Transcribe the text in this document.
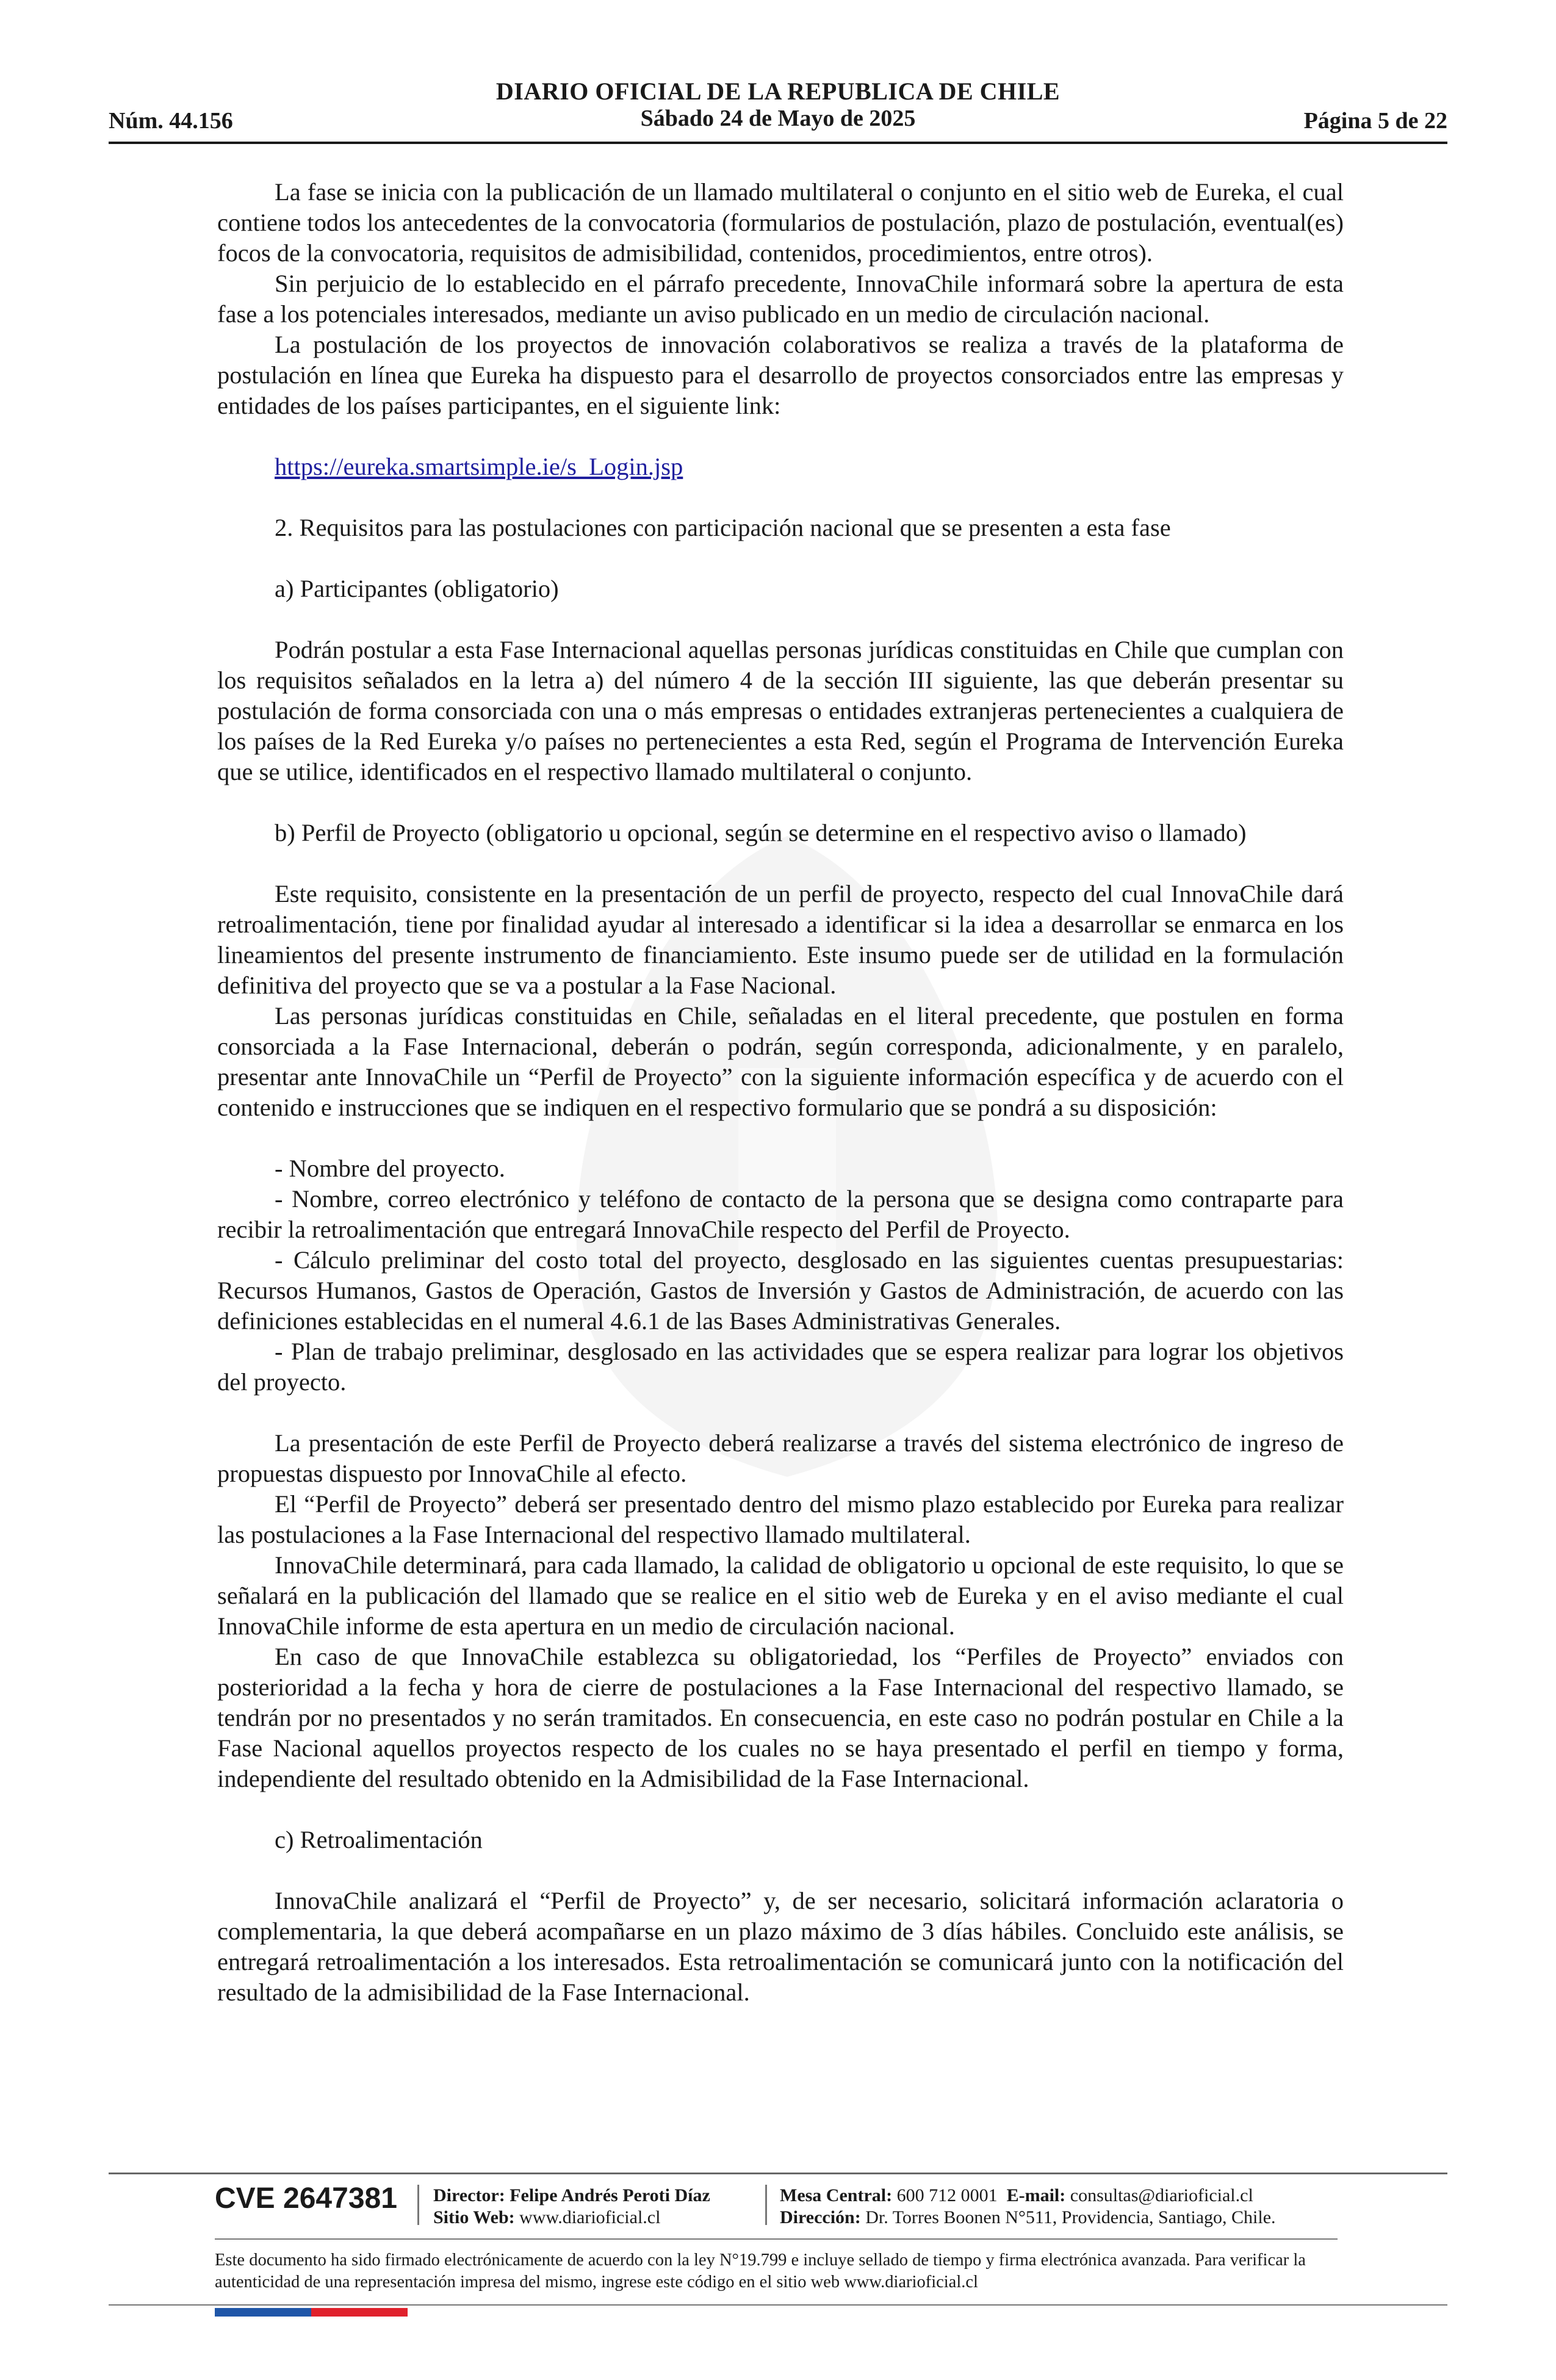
DIARIO OFICIAL DE LA REPUBLICA DE CHILE
Núm. 44.156	Sábado 24 de Mayo de 2025	Página 5 de 22

La fase se inicia con la publicación de un llamado multilateral o conjunto en el sitio web de Eureka, el cual contiene todos los antecedentes de la convocatoria (formularios de postulación, plazo de postulación, eventual(es) focos de la convocatoria, requisitos de admisibilidad, contenidos, procedimientos, entre otros).

Sin perjuicio de lo establecido en el párrafo precedente, InnovaChile informará sobre la apertura de esta fase a los potenciales interesados, mediante un aviso publicado en un medio de circulación nacional.

La postulación de los proyectos de innovación colaborativos se realiza a través de la plataforma de postulación en línea que Eureka ha dispuesto para el desarrollo de proyectos consorciados entre las empresas y entidades de los países participantes, en el siguiente link:

https://eureka.smartsimple.ie/s_Login.jsp

2. Requisitos para las postulaciones con participación nacional que se presenten a esta fase

a) Participantes (obligatorio)

Podrán postular a esta Fase Internacional aquellas personas jurídicas constituidas en Chile que cumplan con los requisitos señalados en la letra a) del número 4 de la sección III siguiente, las que deberán presentar su postulación de forma consorciada con una o más empresas o entidades extranjeras pertenecientes a cualquiera de los países de la Red Eureka y/o países no pertenecientes a esta Red, según el Programa de Intervención Eureka que se utilice, identificados en el respectivo llamado multilateral o conjunto.

b) Perfil de Proyecto (obligatorio u opcional, según se determine en el respectivo aviso o llamado)

Este requisito, consistente en la presentación de un perfil de proyecto, respecto del cual InnovaChile dará retroalimentación, tiene por finalidad ayudar al interesado a identificar si la idea a desarrollar se enmarca en los lineamientos del presente instrumento de financiamiento. Este insumo puede ser de utilidad en la formulación definitiva del proyecto que se va a postular a la Fase Nacional.

Las personas jurídicas constituidas en Chile, señaladas en el literal precedente, que postulen en forma consorciada a la Fase Internacional, deberán o podrán, según corresponda, adicionalmente, y en paralelo, presentar ante InnovaChile un “Perfil de Proyecto” con la siguiente información específica y de acuerdo con el contenido e instrucciones que se indiquen en el respectivo formulario que se pondrá a su disposición:

- Nombre del proyecto.

- Nombre, correo electrónico y teléfono de contacto de la persona que se designa como contraparte para recibir la retroalimentación que entregará InnovaChile respecto del Perfil de Proyecto.

- Cálculo preliminar del costo total del proyecto, desglosado en las siguientes cuentas presupuestarias: Recursos Humanos, Gastos de Operación, Gastos de Inversión y Gastos de Administración, de acuerdo con las definiciones establecidas en el numeral 4.6.1 de las Bases Administrativas Generales.

- Plan de trabajo preliminar, desglosado en las actividades que se espera realizar para lograr los objetivos del proyecto.

La presentación de este Perfil de Proyecto deberá realizarse a través del sistema electrónico de ingreso de propuestas dispuesto por InnovaChile al efecto.

El “Perfil de Proyecto” deberá ser presentado dentro del mismo plazo establecido por Eureka para realizar las postulaciones a la Fase Internacional del respectivo llamado multilateral.

InnovaChile determinará, para cada llamado, la calidad de obligatorio u opcional de este requisito, lo que se señalará en la publicación del llamado que se realice en el sitio web de Eureka y en el aviso mediante el cual InnovaChile informe de esta apertura en un medio de circulación nacional.

En caso de que InnovaChile establezca su obligatoriedad, los “Perfiles de Proyecto” enviados con posterioridad a la fecha y hora de cierre de postulaciones a la Fase Internacional del respectivo llamado, se tendrán por no presentados y no serán tramitados. En consecuencia, en este caso no podrán postular en Chile a la Fase Nacional aquellos proyectos respecto de los cuales no se haya presentado el perfil en tiempo y forma, independiente del resultado obtenido en la Admisibilidad de la Fase Internacional.

c) Retroalimentación

InnovaChile analizará el “Perfil de Proyecto” y, de ser necesario, solicitará información aclaratoria o complementaria, la que deberá acompañarse en un plazo máximo de 3 días hábiles. Concluido este análisis, se entregará retroalimentación a los interesados. Esta retroalimentación se comunicará junto con la notificación del resultado de la admisibilidad de la Fase Internacional.

CVE 2647381 Director: Felipe Andrés Peroti Díaz
Sitio Web: www.diarioficial.cl
Mesa Central: 600 712 0001 E-mail: consultas@diarioficial.cl
Dirección: Dr. Torres Boonen N°511, Providencia, Santiago, Chile.
Este documento ha sido firmado electrónicamente de acuerdo con la ley N°19.799 e incluye sellado de tiempo y firma electrónica avanzada. Para verificar la autenticidad de una representación impresa del mismo, ingrese este código en el sitio web www.diarioficial.cl
